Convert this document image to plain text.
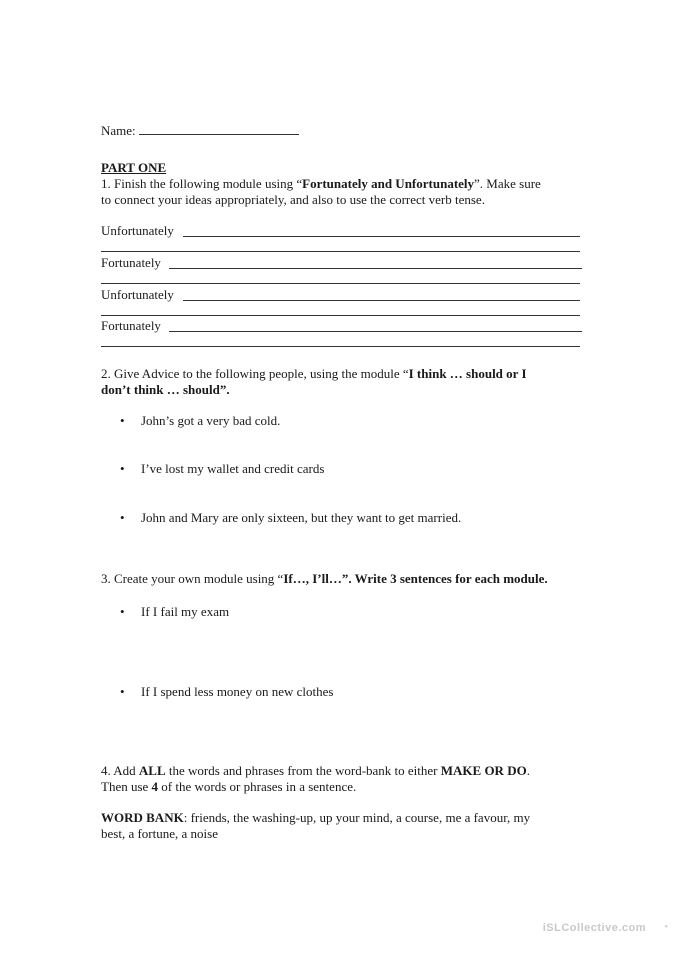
Name:
PART ONE
1. Finish the following module using “Fortunately and Unfortunately”. Make sure
to connect your ideas appropriately, and also to use the correct verb tense.
Unfortunately
Fortunately
Unfortunately
Fortunately
2. Give Advice to the following people, using the module “I think … should or I
don’t think … should”.
• John’s got a very bad cold.
• I’ve lost my wallet and credit cards
• John and Mary are only sixteen, but they want to get married.
3. Create your own module using “If…, I’ll…”. Write 3 sentences for each module.
• If I fail my exam
• If I spend less money on new clothes
4. Add ALL the words and phrases from the word-bank to either MAKE OR DO.
Then use 4 of the words or phrases in a sentence.
WORD BANK: friends, the washing-up, up your mind, a course, me a favour, my
best, a fortune, a noise
iSLCollective.com •
